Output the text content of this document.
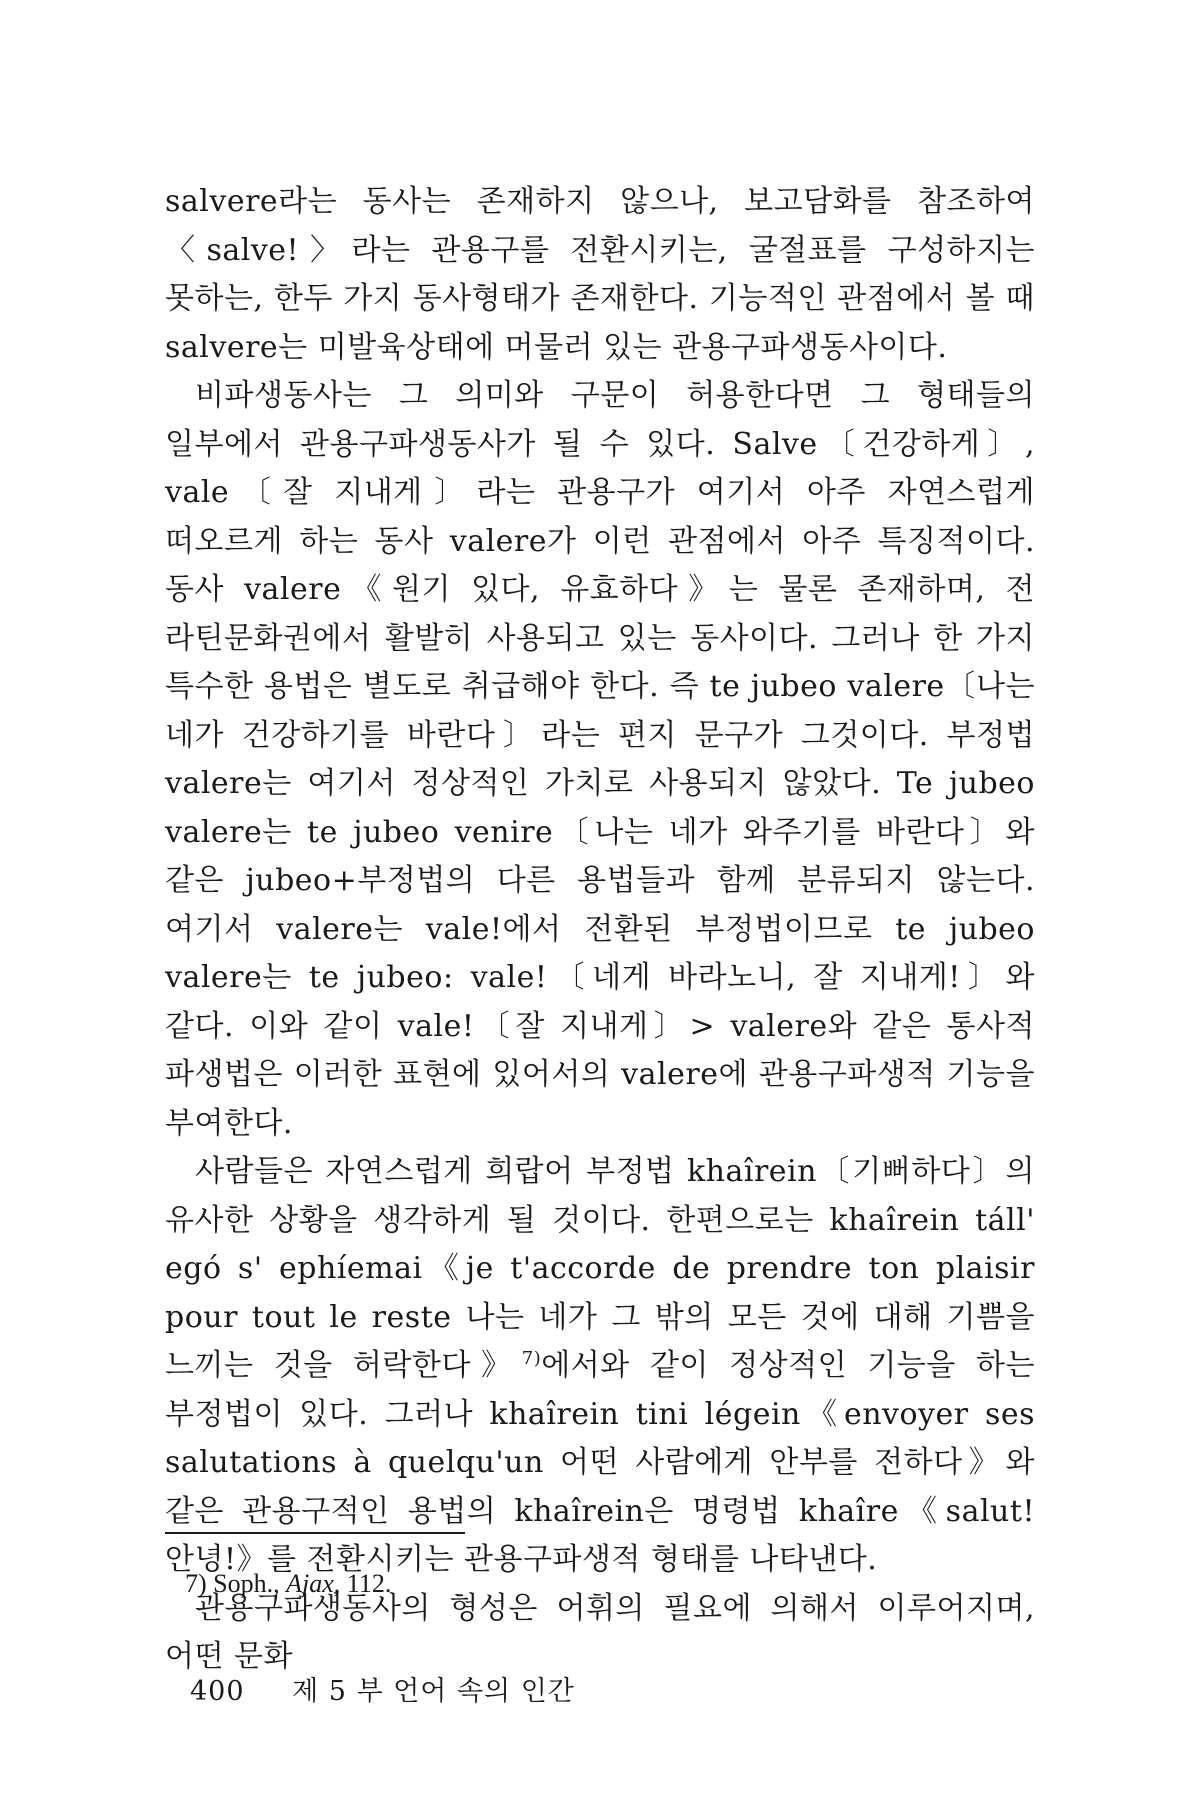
salvere라는 동사는 존재하지 않으나, 보고담화를 참조하여 〈salve!〉라는 관용구를 전환시키는, 굴절표를 구성하지는 못하는, 한두 가지 동사형태가 존재한다. 기능적인 관점에서 볼 때 salvere는 미발육상태에 머물러 있는 관용구파생동사이다.

비파생동사는 그 의미와 구문이 허용한다면 그 형태들의 일부에서 관용구파생동사가 될 수 있다. Salve〔건강하게〕, vale〔잘 지내게〕라는 관용구가 여기서 아주 자연스럽게 떠오르게 하는 동사 valere가 이런 관점에서 아주 특징적이다. 동사 valere《원기 있다, 유효하다》는 물론 존재하며, 전 라틴문화권에서 활발히 사용되고 있는 동사이다. 그러나 한 가지 특수한 용법은 별도로 취급해야 한다. 즉 te jubeo valere〔나는 네가 건강하기를 바란다〕라는 편지 문구가 그것이다. 부정법 valere는 여기서 정상적인 가치로 사용되지 않았다. Te jubeo valere는 te jubeo venire〔나는 네가 와주기를 바란다〕와 같은 jubeo+부정법의 다른 용법들과 함께 분류되지 않는다. 여기서 valere는 vale!에서 전환된 부정법이므로 te jubeo valere는 te jubeo: vale!〔네게 바라노니, 잘 지내게!〕와 같다. 이와 같이 vale!〔잘 지내게〕> valere와 같은 통사적 파생법은 이러한 표현에 있어서의 valere에 관용구파생적 기능을 부여한다.

사람들은 자연스럽게 희랍어 부정법 khaîrein〔기뻐하다〕의 유사한 상황을 생각하게 될 것이다. 한편으로는 khaîrein táll' egó s' ephíemai《je t'accorde de prendre ton plaisir pour tout le reste 나는 네가 그 밖의 모든 것에 대해 기쁨을 느끼는 것을 허락한다》$^{7)}$에서와 같이 정상적인 기능을 하는 부정법이 있다. 그러나 khaîrein tini légein《envoyer ses salutations à quelqu'un 어떤 사람에게 안부를 전하다》와 같은 관용구적인 용법의 khaîrein은 명령법 khaîre《salut! 안녕!》를 전환시키는 관용구파생적 형태를 나타낸다.

관용구파생동사의 형성은 어휘의 필요에 의해서 이루어지며, 어떤 문화

7) Soph., Ajax, 112.
400 제 5 부 언어 속의 인간
